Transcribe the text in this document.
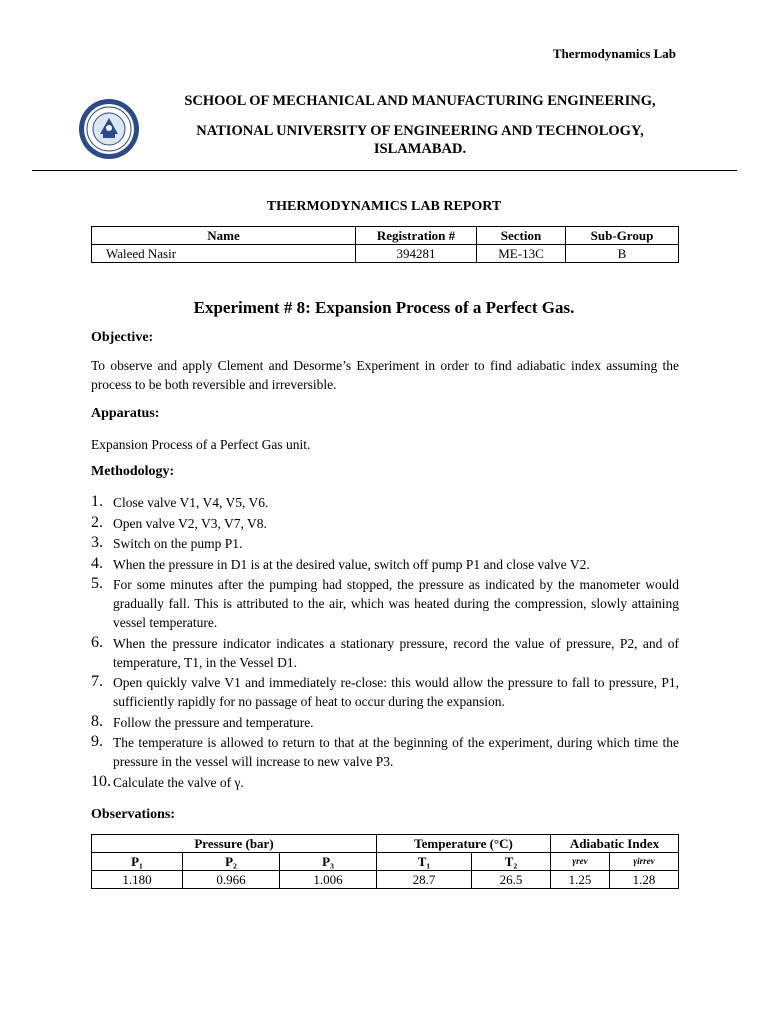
Thermodynamics Lab
SCHOOL OF MECHANICAL AND MANUFACTURING ENGINEERING,
NATIONAL UNIVERSITY OF ENGINEERING AND TECHNOLOGY, ISLAMABAD.
THERMODYNAMICS LAB REPORT
Name	Registration #	Section	Sub-Group
Waleed Nasir	394281	ME-13C	B
Experiment # 8: Expansion Process of a Perfect Gas.
Objective:
To observe and apply Clement and Desorme’s Experiment in order to find adiabatic index assuming the process to be both reversible and irreversible.
Apparatus:
Expansion Process of a Perfect Gas unit.
Methodology:
1. Close valve V1, V4, V5, V6.
2. Open valve V2, V3, V7, V8.
3. Switch on the pump P1.
4. When the pressure in D1 is at the desired value, switch off pump P1 and close valve V2.
5. For some minutes after the pumping had stopped, the pressure as indicated by the manometer would gradually fall. This is attributed to the air, which was heated during the compression, slowly attaining vessel temperature.
6. When the pressure indicator indicates a stationary pressure, record the value of pressure, P2, and of temperature, T1, in the Vessel D1.
7. Open quickly valve V1 and immediately re-close: this would allow the pressure to fall to pressure, P1, sufficiently rapidly for no passage of heat to occur during the expansion.
8. Follow the pressure and temperature.
9. The temperature is allowed to return to that at the beginning of the experiment, during which time the pressure in the vessel will increase to new valve P3.
10. Calculate the valve of γ.
Observations:
Pressure (bar)			Temperature (°C)		Adiabatic Index	
P₁	P₂	P₃	T₁	T₂	γrev	γirrev
1.180	0.966	1.006	28.7	26.5	1.25	1.28
